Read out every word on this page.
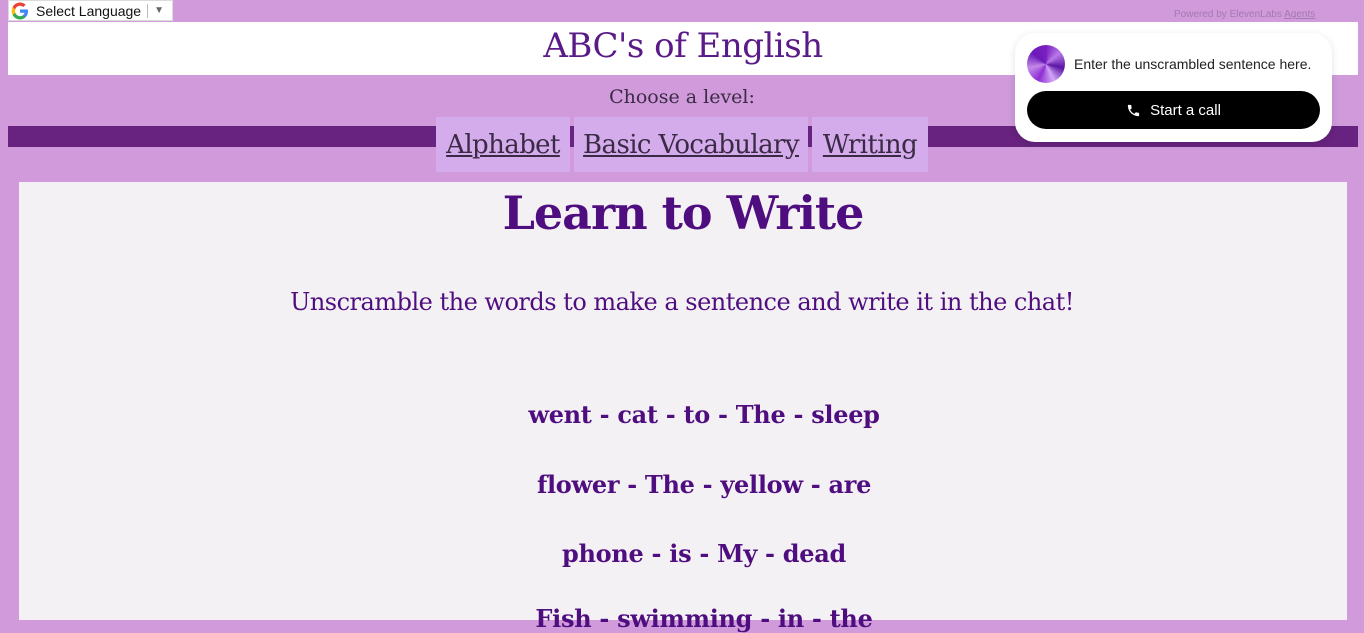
Select Language ▼
ABC's of English
Powered by ElevenLabs Agents
Choose a level:
Alphabet Basic Vocabulary Writing
Learn to Write
Unscramble the words to make a sentence and write it in the chat!
went - cat - to - The - sleep
flower - The - yellow - are
phone - is - My - dead
Fish - swimming - in - the
Enter the unscrambled sentence here.
Start a call
